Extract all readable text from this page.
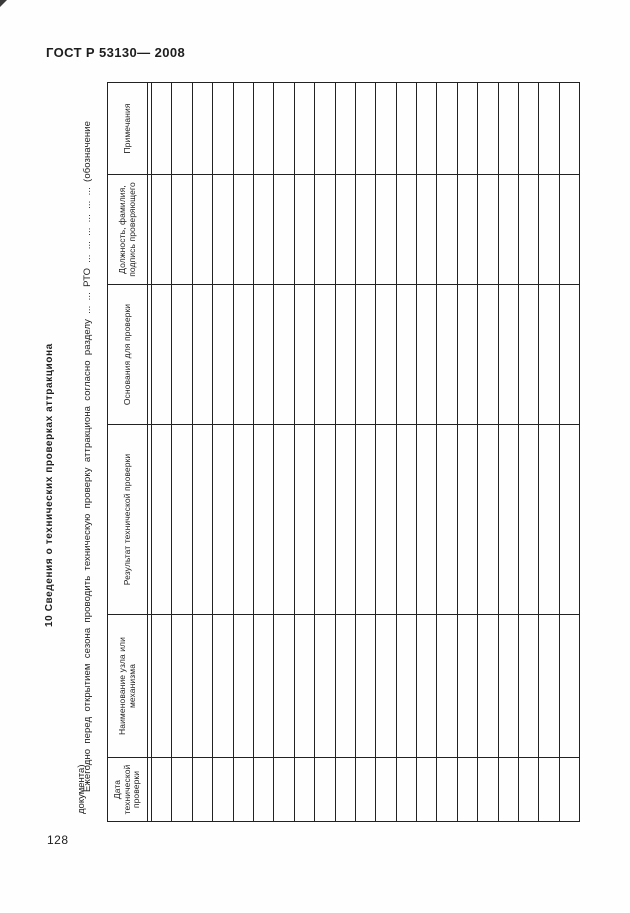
ГОСТ Р 53130— 2008
10 Сведения о технических проверках аттракциона	Ежегодно перед открытием сезона проводить техническую проверку аттракциона согласно разделу ... ... РТО ... ... ... ... ... ... (обозначение
документа)	Дата технической проверки	Наименование узла или механизма	Результат технической проверки	Основания для проверки	Должность, фамилия, подпись проверяющего	Примечания

128
